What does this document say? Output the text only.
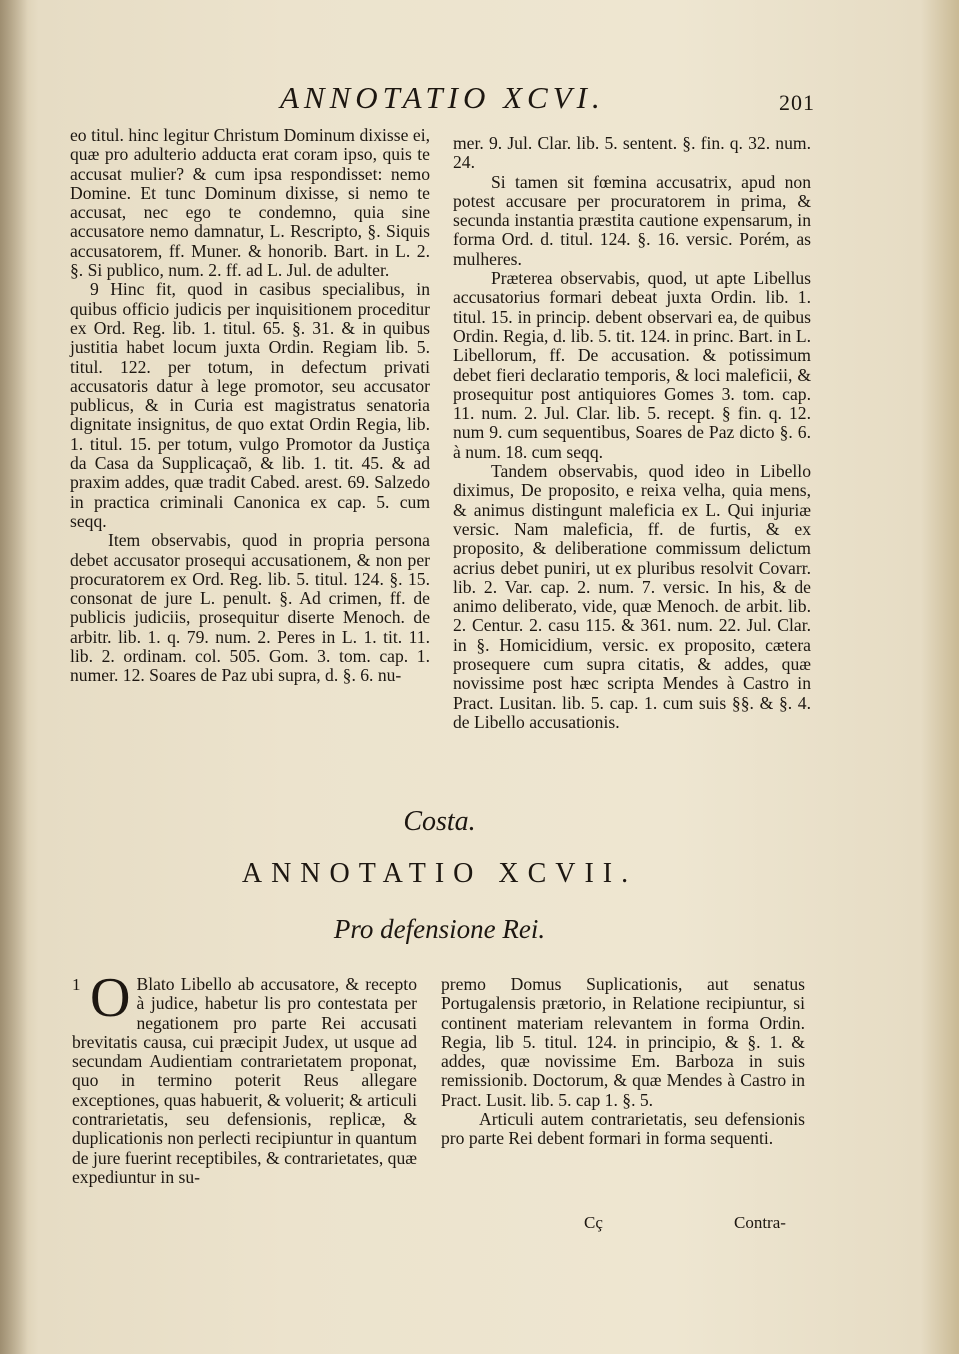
ANNOTATIO XCVI.	201

eo titul. hinc legitur Christum Dominum dixisse ei, quæ pro adulterio adducta erat coram ipso, quis te accusat mulier? & cum ipsa respondisset: nemo Domine. Et tunc Dominum dixisse, si nemo te accusat, nec ego te condemno, quia sine accusatore nemo damnatur, L. Rescripto, §. Siquis accusatorem, ff. Muner. & honorib. Bart. in L. 2. §. Si publico, num. 2. ff. ad L. Jul. de adulter.

9 Hinc fit, quod in casibus specialibus, in quibus officio judicis per inquisitionem proceditur ex Ord. Reg. lib. 1. titul. 65. §. 31. & in quibus justitia habet locum juxta Ordin. Regiam lib. 5. titul. 122. per totum, in defectum privati accusatoris datur à lege promotor, seu accusator publicus, & in Curia est magistratus senatoria dignitate insignitus, de quo extat Ordin Regia, lib. 1. titul. 15. per totum, vulgo Promotor da Justiça da Casa da Supplicaçaõ, & lib. 1. tit. 45. & ad praxim addes, quæ tradit Cabed. arest. 69. Salzedo in practica criminali Canonica ex cap. 5. cum seqq.

Item observabis, quod in propria persona debet accusator prosequi accusationem, & non per procuratorem ex Ord. Reg. lib. 5. titul. 124. §. 15. consonat de jure L. penult. §. Ad crimen, ff. de publicis judiciis, prosequitur diserte Menoch. de arbitr. lib. 1. q. 79. num. 2. Peres in L. 1. tit. 11. lib. 2. ordinam. col. 505. Gom. 3. tom. cap. 1. numer. 12. Soares de Paz ubi supra, d. §. 6. nu-

mer. 9. Jul. Clar. lib. 5. sentent. §. fin. q. 32. num. 24.

Si tamen sit fœmina accusatrix, apud non potest accusare per procuratorem in prima, & secunda instantia præstita cautione expensarum, in forma Ord. d. titul. 124. §. 16. versic. Porém, as mulheres.

Præterea observabis, quod, ut apte Libellus accusatorius formari debeat juxta Ordin. lib. 1. titul. 15. in princip. debent observari ea, de quibus Ordin. Regia, d. lib. 5. tit. 124. in princ. Bart. in L. Libellorum, ff. De accusation. & potissimum debet fieri declaratio temporis, & loci maleficii, & prosequitur post antiquiores Gomes 3. tom. cap. 11. num. 2. Jul. Clar. lib. 5. recept. § fin. q. 12. num 9. cum sequentibus, Soares de Paz dicto §. 6. à num. 18. cum seqq.

Tandem observabis, quod ideo in Libello diximus, De proposito, e reixa velha, quia mens, & animus distingunt maleficia ex L. Qui injuriæ versic. Nam maleficia, ff. de furtis, & ex proposito, & deliberatione commissum delictum acrius debet puniri, ut ex pluribus resolvit Covarr. lib. 2. Var. cap. 2. num. 7. versic. In his, & de animo deliberato, vide, quæ Menoch. de arbit. lib. 2. Centur. 2. casu 115. & 361. num. 22. Jul. Clar. in §. Homicidium, versic. ex proposito, cætera prosequere cum supra citatis, & addes, quæ novissime post hæc scripta Mendes à Castro in Pract. Lusitan. lib. 5. cap. 1. cum suis §§. & §. 4. de Libello accusationis.

Costa.
ANNOTATIO XCVII.
Pro defensione Rei.
1 O Blato Libello ab accusatore, & recepto à judice, habetur lis pro contestata per negationem pro parte Rei accusati brevitatis causa, cui præcipit Judex, ut usque ad secundam Audientiam contrarietatem proponat, quo in termino poterit Reus allegare exceptiones, quas habuerit, & voluerit; & articuli contrarietatis, seu defensionis, replicæ, & duplicationis non perlecti recipiuntur in quantum de jure fuerint receptibiles, & contrarietates, quæ expediuntur in su-

premo Domus Suplicationis, aut senatus Portugalensis prætorio, in Relatione recipiuntur, si continent materiam relevantem in forma Ordin. Regia, lib 5. titul. 124. in principio, & §. 1. & addes, quæ novissime Em. Barboza in suis remissionib. Doctorum, & quæ Mendes à Castro in Pract. Lusit. lib. 5. cap 1. §. 5.

Articuli autem contrarietatis, seu defensionis pro parte Rei debent formari in forma sequenti.

Cç	Contra-
